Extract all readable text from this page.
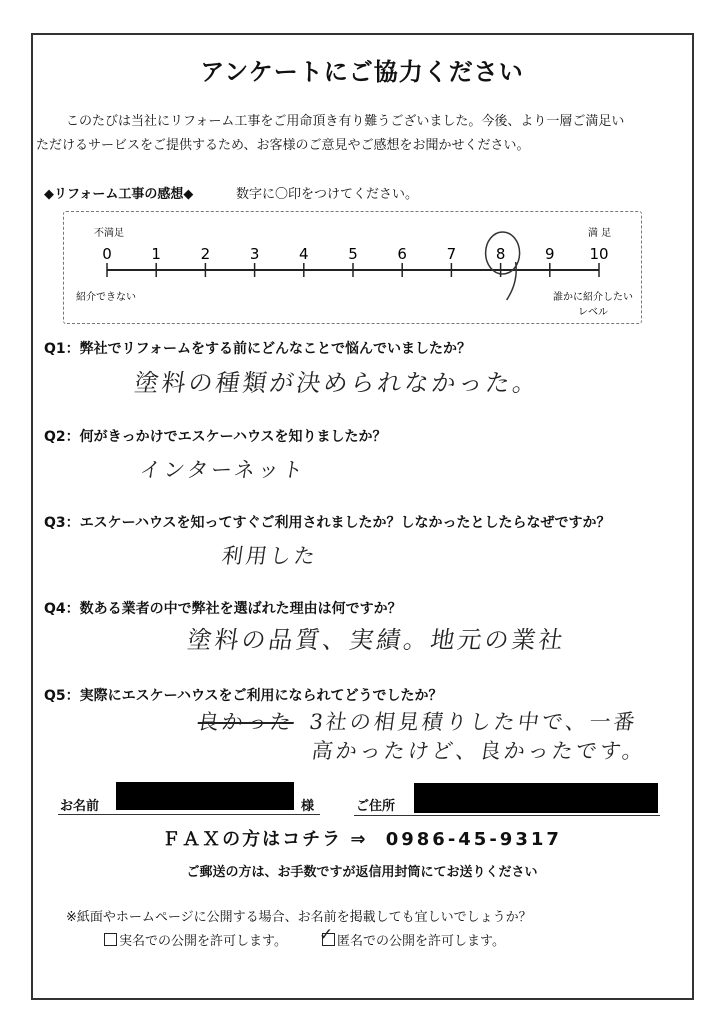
アンケートにご協力ください
このたびは当社にリフォーム工事をご用命頂き有り難うございました。今後、より一層ご満足い
ただけるサービスをご提供するため、お客様のご意見やご感想をお聞かせください。
◆リフォーム工事の感想◆	数字に〇印をつけてください。
0	1	2	3	4	5	6	7	8	9 10
不満足
紹介できない
満 足
誰かに紹介したい
レベル
Q1：弊社でリフォームをする前にどんなことで悩んでいましたか？
塗料の種類が決められなかった。
Q2：何がきっかけでエスケーハウスを知りましたか？
インターネット
Q3：エスケーハウスを知ってすぐご利用されましたか？しなかったとしたらなぜですか？
利用した
Q4：数ある業者の中で弊社を選ばれた理由は何ですか？
塗料の品質、実績。地元の業社
Q5：実際にエスケーハウスをご利用になられてどうでしたか？
良かった 3社の相見積りした中で、一番
高かったけど、良かったです。
お名前	様	ご住所
ＦＡＸの方はコチラ ⇒ 0986-45-9317
ご郵送の方は、お手数ですが返信用封筒にてお送りください
※紙面やホームページに公開する場合、お名前を掲載しても宜しいでしょうか？
実名での公開を許可します。
✓	匿名での公開を許可します。
